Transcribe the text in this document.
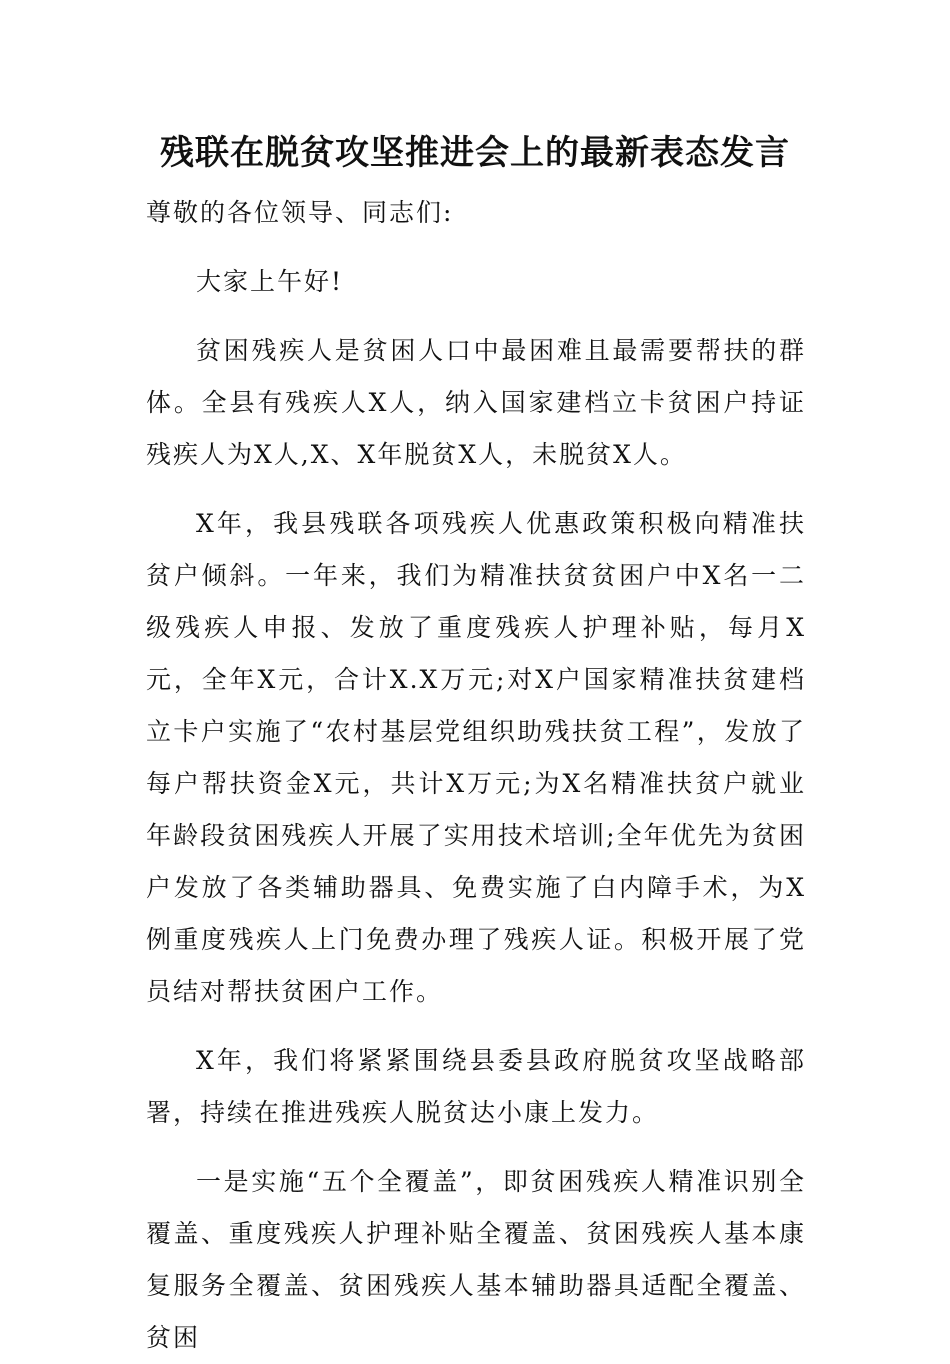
残联在脱贫攻坚推进会上的最新表态发言

尊敬的各位领导、同志们:

大家上午好!

贫困残疾人是贫困人口中最困难且最需要帮扶的群体。全县有残疾人X人，纳入国家建档立卡贫困户持证残疾人为X人,X、X年脱贫X人，未脱贫X人。

X年，我县残联各项残疾人优惠政策积极向精准扶贫户倾斜。一年来，我们为精准扶贫贫困户中X名一二级残疾人申报、发放了重度残疾人护理补贴，每月X元，全年X元，合计X.X万元;对X户国家精准扶贫建档立卡户实施了“农村基层党组织助残扶贫工程”，发放了每户帮扶资金X元，共计X万元;为X名精准扶贫户就业年龄段贫困残疾人开展了实用技术培训;全年优先为贫困户发放了各类辅助器具、免费实施了白内障手术，为X例重度残疾人上门免费办理了残疾人证。积极开展了党员结对帮扶贫困户工作。

X年，我们将紧紧围绕县委县政府脱贫攻坚战略部署，持续在推进残疾人脱贫达小康上发力。

一是实施“五个全覆盖”，即贫困残疾人精准识别全覆盖、重度残疾人护理补贴全覆盖、贫困残疾人基本康复服务全覆盖、贫困残疾人基本辅助器具适配全覆盖、贫困
